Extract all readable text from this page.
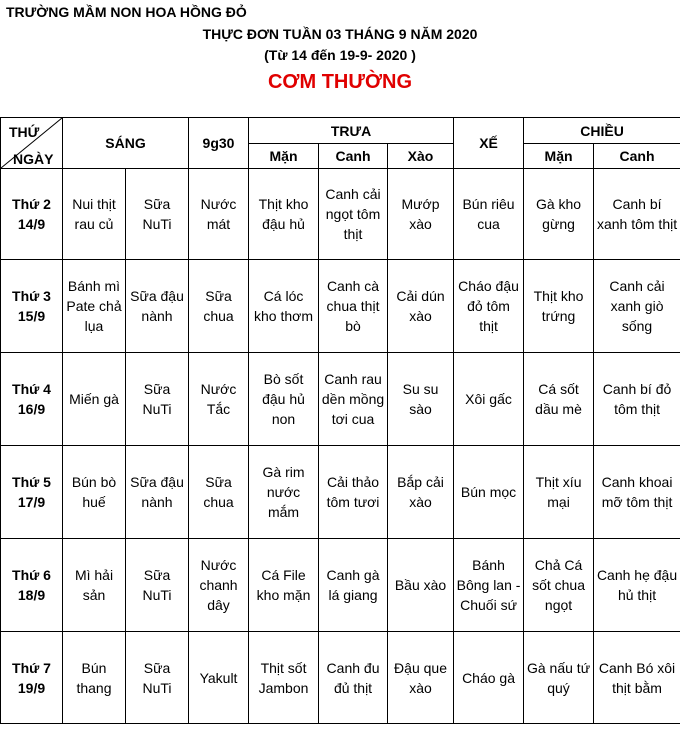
TRƯỜNG MẦM NON HOA HỒNG ĐỎ
THỰC ĐƠN TUẦN 03 THÁNG 9 NĂM 2020
(Từ 14 đến 19-9- 2020 )
CƠM THƯỜNG
THỨ
NGÀY	SÁNG		9g30	TRƯA			XẾ	CHIỀU	
				Mặn	Canh	Xào		Mặn	Canh

Thứ 2
14/9	Nui thịt rau củ	Sữa NuTi	Nước mát	Thịt kho đậu hủ	Canh cải ngọt tôm thịt	Mướp xào	Bún riêu cua	Gà kho gừng	Canh bí xanh tôm thịt

Thứ 3
15/9	Bánh mì Pate chả lụa	Sữa đậu nành	Sữa chua	Cá lóc kho thơm	Canh cà chua thịt bò	Cải dún xào	Cháo đậu đỏ tôm thịt	Thịt kho trứng	Canh cải xanh giò sống

Thứ 4
16/9	Miến gà	Sữa NuTi	Nước Tắc	Bò sốt đậu hủ non	Canh rau dền mồng tơi cua	Su su sào	Xôi gấc	Cá sốt dầu mè	Canh bí đỏ tôm thịt

Thứ 5
17/9	Bún bò huế	Sữa đậu nành	Sữa chua	Gà rim nước mắm	Cải thảo tôm tươi	Bắp cải xào	Bún mọc	Thịt xíu mại	Canh khoai mỡ tôm thịt

Thứ 6
18/9	Mì hải sản	Sữa NuTi	Nước chanh dây	Cá File kho mặn	Canh gà lá giang	Bầu xào	Bánh Bông lan - Chuối sứ	Chả Cá sốt chua ngọt	Canh hẹ đậu hủ thịt

Thứ 7
19/9	Bún thang	Sữa NuTi	Yakult	Thịt sốt Jambon	Canh đu đủ thịt	Đậu que xào	Cháo gà	Gà nấu tứ quý	Canh Bó xôi thịt bằm
